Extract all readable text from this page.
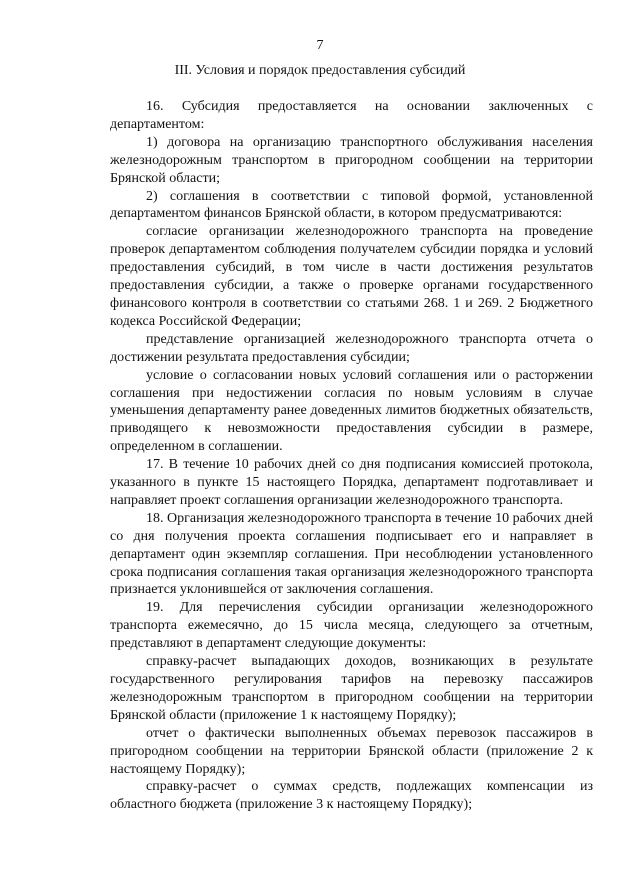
7
III. Условия и порядок предоставления субсидий

16. Субсидия предоставляется на основании заключенных с департаментом:

1) договора на организацию транспортного обслуживания населения железнодорожным транспортом в пригородном сообщении на территории Брянской области;

2) соглашения в соответствии с типовой формой, установленной департаментом финансов Брянской области, в котором предусматриваются:

согласие организации железнодорожного транспорта на проведение проверок департаментом соблюдения получателем субсидии порядка и условий предоставления субсидий, в том числе в части достижения результатов предоставления субсидии, а также о проверке органами государственного финансового контроля в соответствии со статьями 268. 1 и 269. 2 Бюджетного кодекса Российской Федерации;

представление организацией железнодорожного транспорта отчета о достижении результата предоставления субсидии;

условие о согласовании новых условий соглашения или о расторжении соглашения при недостижении согласия по новым условиям в случае уменьшения департаменту ранее доведенных лимитов бюджетных обязательств, приводящего к невозможности предоставления субсидии в размере, определенном в соглашении.

17. В течение 10 рабочих дней со дня подписания комиссией протокола, указанного в пункте 15 настоящего Порядка, департамент подготавливает и направляет проект соглашения организации железнодорожного транспорта.

18. Организация железнодорожного транспорта в течение 10 рабочих дней со дня получения проекта соглашения подписывает его и направляет в департамент один экземпляр соглашения. При несоблюдении установленного срока подписания соглашения такая организация железнодорожного транспорта признается уклонившейся от заключения соглашения.

19. Для перечисления субсидии организации железнодорожного транспорта ежемесячно, до 15 числа месяца, следующего за отчетным, представляют в департамент следующие документы:

справку-расчет выпадающих доходов, возникающих в результате государственного регулирования тарифов на перевозку пассажиров железнодорожным транспортом в пригородном сообщении на территории Брянской области (приложение 1 к настоящему Порядку);

отчет о фактически выполненных объемах перевозок пассажиров в пригородном сообщении на территории Брянской области (приложение 2 к настоящему Порядку);

справку-расчет о суммах средств, подлежащих компенсации из областного бюджета (приложение 3 к настоящему Порядку);
